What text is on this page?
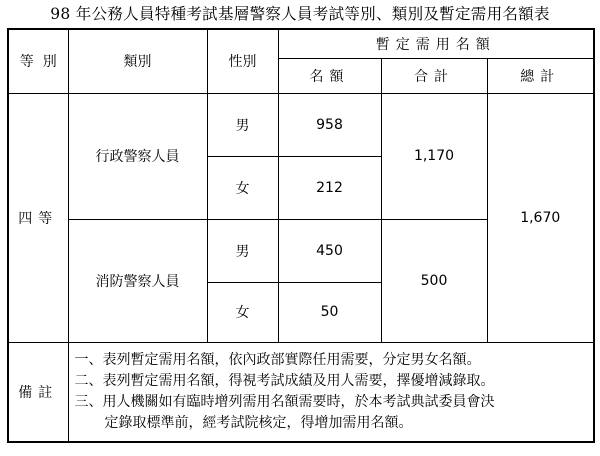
98 年公務人員特種考試基層警察人員考試等別、類別及暫定需用名額表
等  別	類別	性別	暫定需用名額		
			名額	合計	總計
四等	行政警察人員	男	958	1,170	1,670
		女	212		
	消防警察人員	男	450	500	
		女	50		
備註	一、表列暫定需用名額，依內政部實際任用需要，分定男女名額。
二、表列暫定需用名額，得視考試成績及用人需要，擇優增減錄取。
三、用人機關如有臨時增列需用名額需要時，於本考試典試委員會決
定錄取標準前，經考試院核定，得增加需用名額。				
